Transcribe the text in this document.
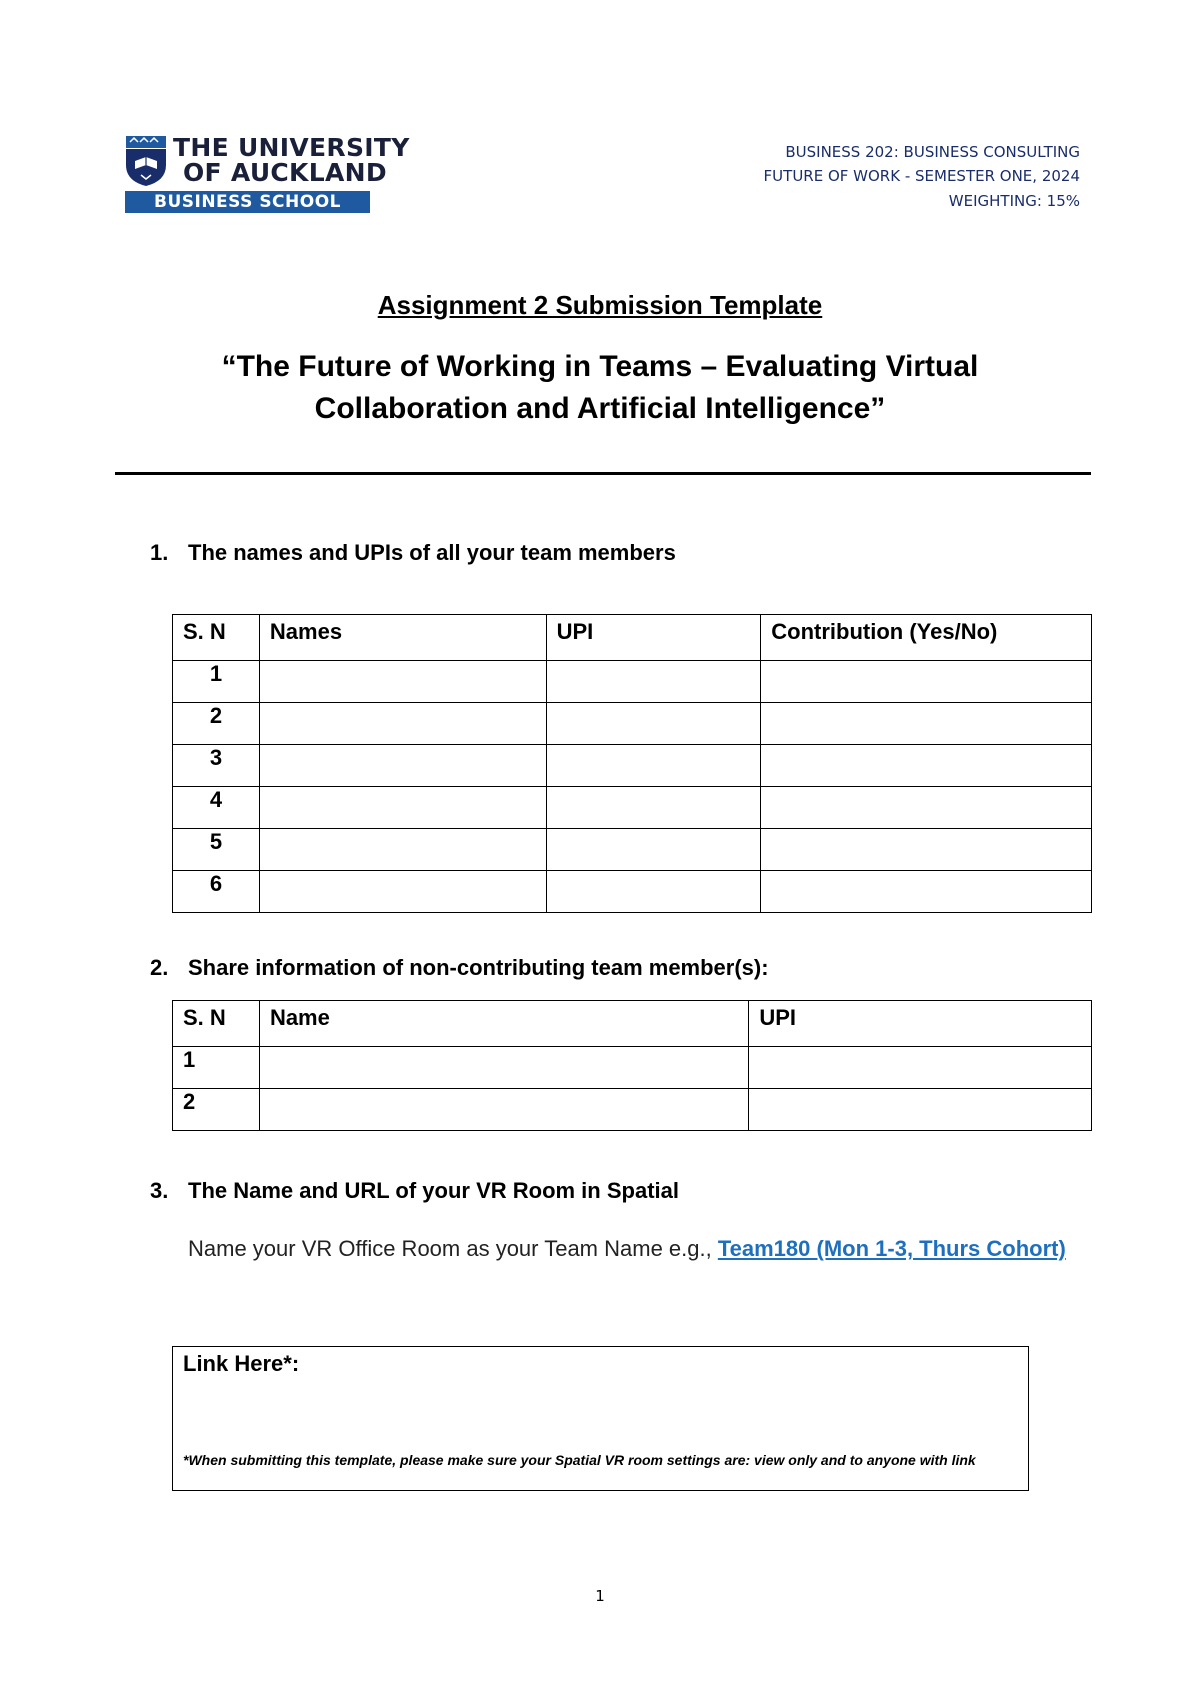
THE UNIVERSITY
OF AUCKLAND
BUSINESS SCHOOL
BUSINESS 202: BUSINESS CONSULTING
FUTURE OF WORK - SEMESTER ONE, 2024
WEIGHTING: 15%
Assignment 2 Submission Template
“The Future of Working in Teams – Evaluating Virtual
Collaboration and Artificial Intelligence”
1. The names and UPIs of all your team members
S. N	Names	UPI	Contribution (Yes/No)
1			
2			
3			
4			
5			
6			
2. Share information of non-contributing team member(s):
S. N	Name	UPI
1		
2		
3. The Name and URL of your VR Room in Spatial
Name your VR Office Room as your Team Name e.g., Team180 (Mon 1-3, Thurs Cohort)
Link Here*:
*When submitting this template, please make sure your Spatial VR room settings are: view only and to anyone with link
1
